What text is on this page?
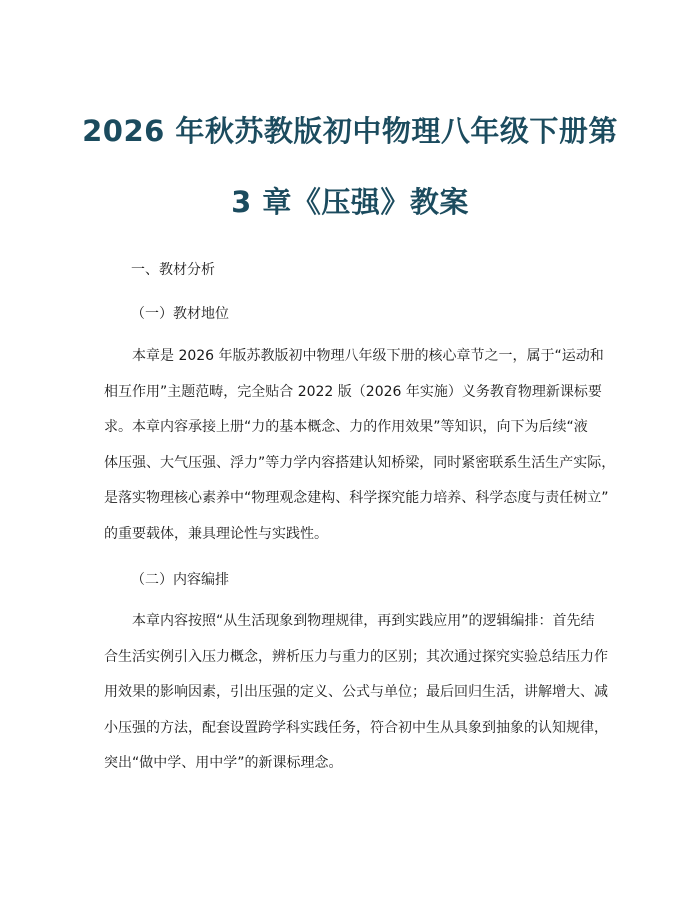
2026 年秋苏教版初中物理八年级下册第
3 章《压强》教案
一、教材分析
（一）教材地位
　　本章是 2026 年版苏教版初中物理八年级下册的核心章节之一，属于“运动和
相互作用”主题范畴，完全贴合 2022 版（2026 年实施）义务教育物理新课标要
求。本章内容承接上册“力的基本概念、力的作用效果”等知识，向下为后续“液
体压强、大气压强、浮力”等力学内容搭建认知桥梁，同时紧密联系生活生产实际，
是落实物理核心素养中“物理观念建构、科学探究能力培养、科学态度与责任树立”
的重要载体，兼具理论性与实践性。
（二）内容编排
　　本章内容按照“从生活现象到物理规律，再到实践应用”的逻辑编排：首先结
合生活实例引入压力概念，辨析压力与重力的区别；其次通过探究实验总结压力作
用效果的影响因素，引出压强的定义、公式与单位；最后回归生活，讲解增大、减
小压强的方法，配套设置跨学科实践任务，符合初中生从具象到抽象的认知规律，
突出“做中学、用中学”的新课标理念。
